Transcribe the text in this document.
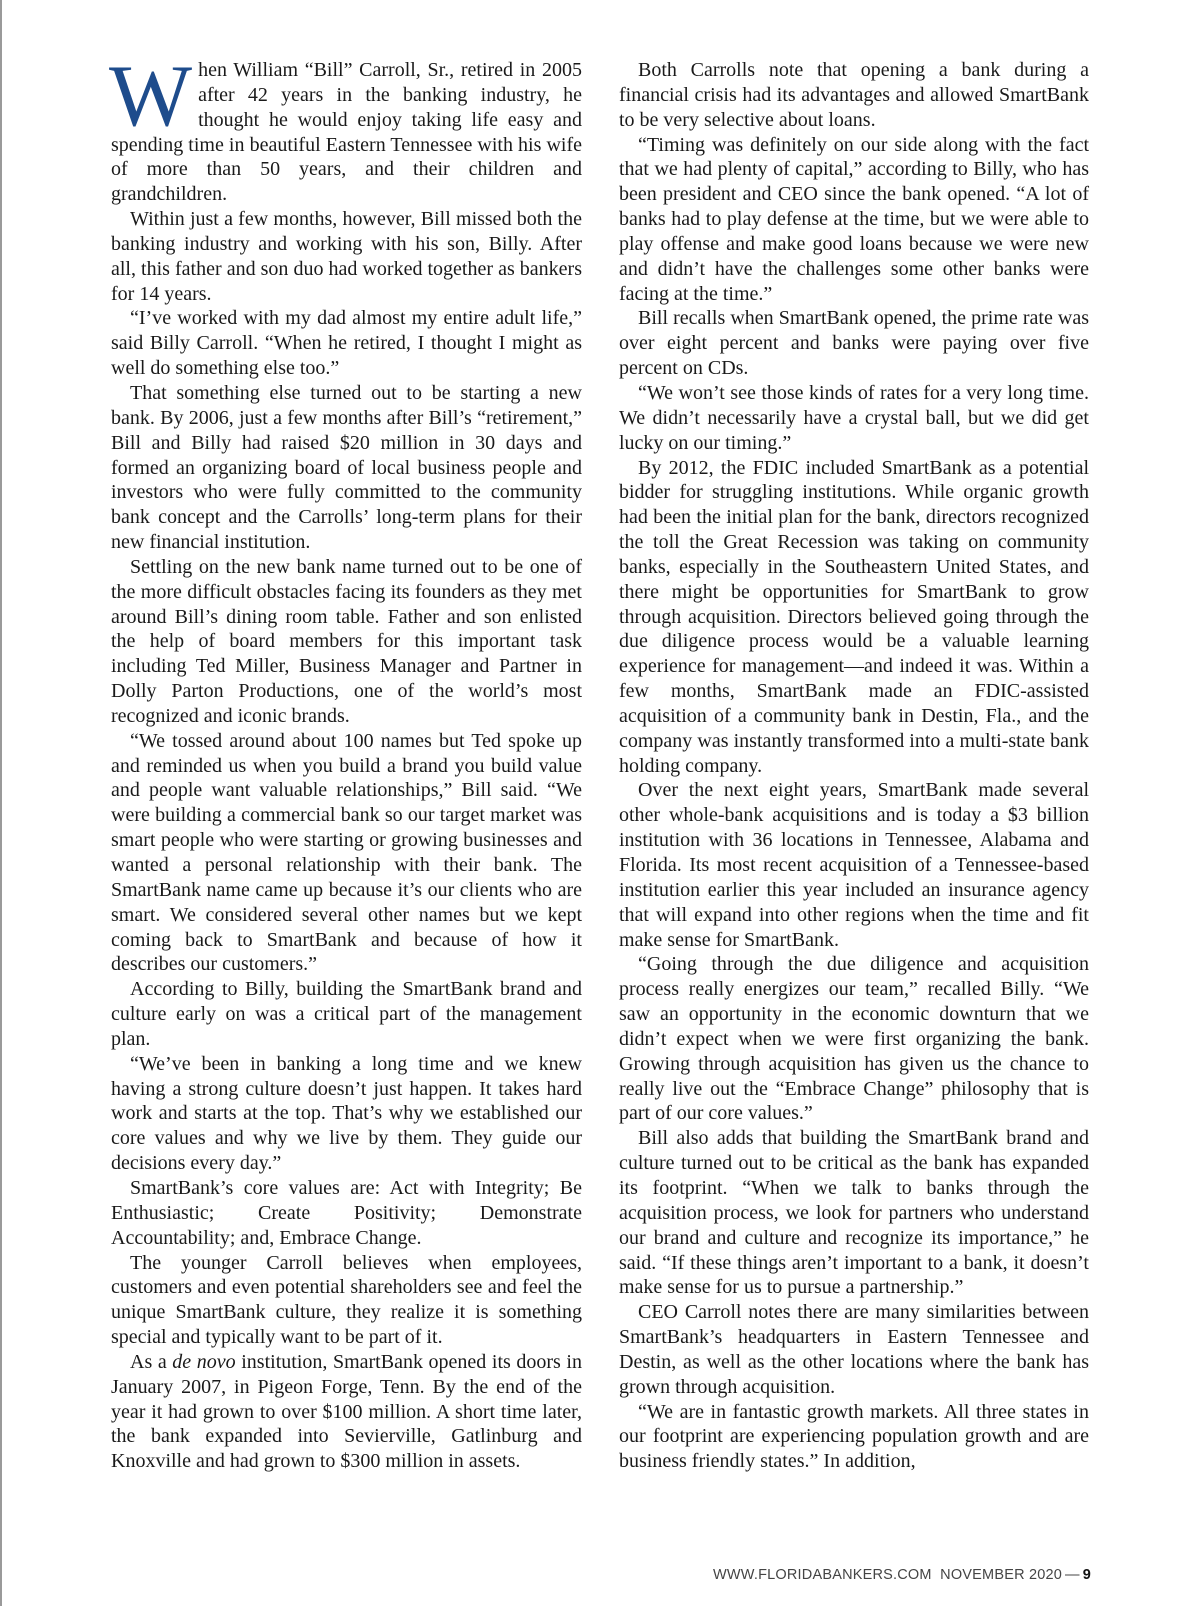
When William “Bill” Carroll, Sr., retired in 2005 after 42 years in the banking industry, he thought he would enjoy taking life easy and spending time in beautiful Eastern Tennessee with his wife of more than 50 years, and their children and grandchildren.

Within just a few months, however, Bill missed both the banking industry and working with his son, Billy. After all, this father and son duo had worked together as bankers for 14 years.

“I’ve worked with my dad almost my entire adult life,” said Billy Carroll. “When he retired, I thought I might as well do something else too.”

That something else turned out to be starting a new bank. By 2006, just a few months after Bill’s “retirement,” Bill and Billy had raised $20 million in 30 days and formed an organizing board of local business people and investors who were fully committed to the community bank concept and the Carrolls’ long-term plans for their new financial institution.

Settling on the new bank name turned out to be one of the more difficult obstacles facing its founders as they met around Bill’s dining room table. Father and son enlisted the help of board members for this important task including Ted Miller, Business Manager and Partner in Dolly Parton Productions, one of the world’s most recognized and iconic brands.

“We tossed around about 100 names but Ted spoke up and reminded us when you build a brand you build value and people want valuable relationships,” Bill said. “We were building a commercial bank so our target market was smart people who were starting or growing businesses and wanted a personal relationship with their bank. The SmartBank name came up because it’s our clients who are smart. We considered several other names but we kept coming back to SmartBank and because of how it describes our customers.”

According to Billy, building the SmartBank brand and culture early on was a critical part of the management plan.

“We’ve been in banking a long time and we knew having a strong culture doesn’t just happen. It takes hard work and starts at the top. That’s why we established our core values and why we live by them. They guide our decisions every day.”

SmartBank’s core values are: Act with Integrity; Be Enthusiastic; Create Positivity; Demonstrate Accountability; and, Embrace Change.

The younger Carroll believes when employees, customers and even potential shareholders see and feel the unique SmartBank culture, they realize it is something special and typically want to be part of it.

As a de novo institution, SmartBank opened its doors in January 2007, in Pigeon Forge, Tenn. By the end of the year it had grown to over $100 million. A short time later, the bank expanded into Sevierville, Gatlinburg and Knoxville and had grown to $300 million in assets.

Both Carrolls note that opening a bank during a financial crisis had its advantages and allowed SmartBank to be very selective about loans.

“Timing was definitely on our side along with the fact that we had plenty of capital,” according to Billy, who has been president and CEO since the bank opened. “A lot of banks had to play defense at the time, but we were able to play offense and make good loans because we were new and didn’t have the challenges some other banks were facing at the time.”

Bill recalls when SmartBank opened, the prime rate was over eight percent and banks were paying over five percent on CDs.

“We won’t see those kinds of rates for a very long time. We didn’t necessarily have a crystal ball, but we did get lucky on our timing.”

By 2012, the FDIC included SmartBank as a potential bidder for struggling institutions. While organic growth had been the initial plan for the bank, directors recognized the toll the Great Recession was taking on community banks, especially in the Southeastern United States, and there might be opportunities for SmartBank to grow through acquisition. Directors believed going through the due diligence process would be a valuable learning experience for management—and indeed it was. Within a few months, SmartBank made an FDIC-assisted acquisition of a community bank in Destin, Fla., and the company was instantly transformed into a multi-state bank holding company.

Over the next eight years, SmartBank made several other whole-bank acquisitions and is today a $3 billion institution with 36 locations in Tennessee, Alabama and Florida. Its most recent acquisition of a Tennessee-based institution earlier this year included an insurance agency that will expand into other regions when the time and fit make sense for SmartBank.

“Going through the due diligence and acquisition process really energizes our team,” recalled Billy. “We saw an opportunity in the economic downturn that we didn’t expect when we were first organizing the bank. Growing through acquisition has given us the chance to really live out the “Embrace Change” philosophy that is part of our core values.”

Bill also adds that building the SmartBank brand and culture turned out to be critical as the bank has expanded its footprint. “When we talk to banks through the acquisition process, we look for partners who understand our brand and culture and recognize its importance,” he said. “If these things aren’t important to a bank, it doesn’t make sense for us to pursue a partnership.”

CEO Carroll notes there are many similarities between SmartBank’s headquarters in Eastern Tennessee and Destin, as well as the other locations where the bank has grown through acquisition.

“We are in fantastic growth markets. All three states in our footprint are experiencing population growth and are business friendly states.” In addition,

WWW.FLORIDABANKERS.COM NOVEMBER 2020 — 9
